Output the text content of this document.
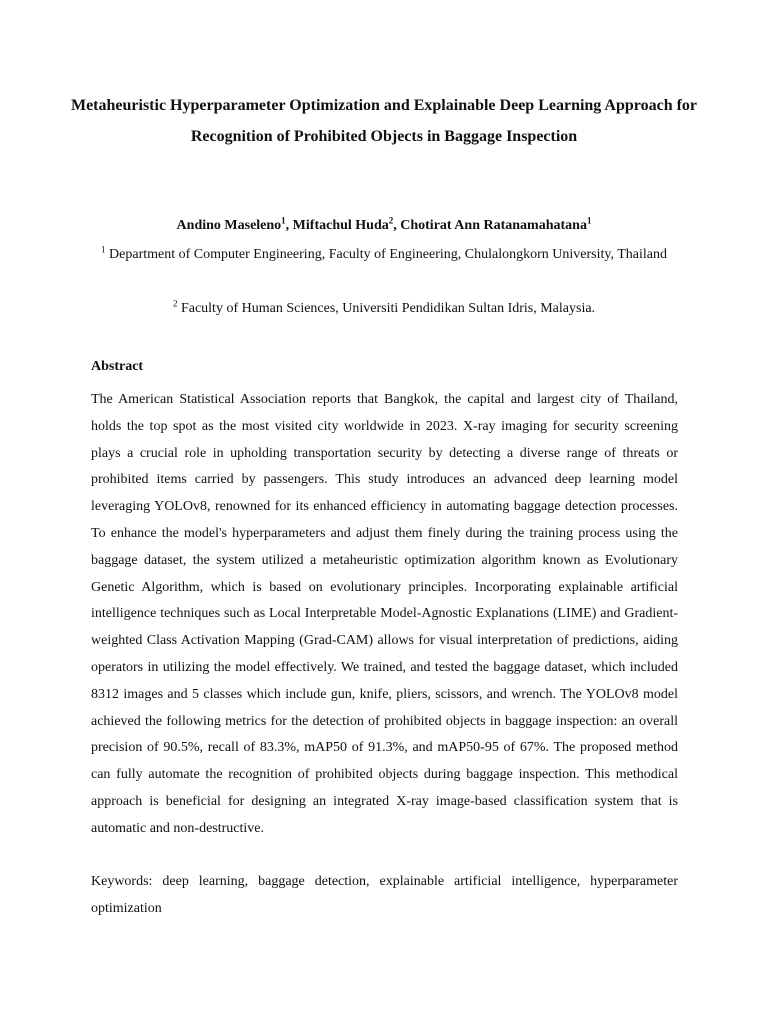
Metaheuristic Hyperparameter Optimization and Explainable Deep Learning Approach for Recognition of Prohibited Objects in Baggage Inspection
Andino Maseleno$^1$, Miftachul Huda$^2$, Chotirat Ann Ratanamahatana$^1$
$^1$ Department of Computer Engineering, Faculty of Engineering, Chulalongkorn University, Thailand
$^2$ Faculty of Human Sciences, Universiti Pendidikan Sultan Idris, Malaysia.
Abstract

The American Statistical Association reports that Bangkok, the capital and largest city of Thailand, holds the top spot as the most visited city worldwide in 2023. X-ray imaging for security screening plays a crucial role in upholding transportation security by detecting a diverse range of threats or prohibited items carried by passengers. This study introduces an advanced deep learning model leveraging YOLOv8, renowned for its enhanced efficiency in automating baggage detection processes. To enhance the model's hyperparameters and adjust them finely during the training process using the baggage dataset, the system utilized a metaheuristic optimization algorithm known as Evolutionary Genetic Algorithm, which is based on evolutionary principles. Incorporating explainable artificial intelligence techniques such as Local Interpretable Model-Agnostic Explanations (LIME) and Gradient-weighted Class Activation Mapping (Grad-CAM) allows for visual interpretation of predictions, aiding operators in utilizing the model effectively. We trained, and tested the baggage dataset, which included 8312 images and 5 classes which include gun, knife, pliers, scissors, and wrench. The YOLOv8 model achieved the following metrics for the detection of prohibited objects in baggage inspection: an overall precision of 90.5%, recall of 83.3%, mAP50 of 91.3%, and mAP50-95 of 67%. The proposed method can fully automate the recognition of prohibited objects during baggage inspection. This methodical approach is beneficial for designing an integrated X-ray image-based classification system that is automatic and non-destructive.

Keywords: deep learning, baggage detection, explainable artificial intelligence, hyperparameter optimization
